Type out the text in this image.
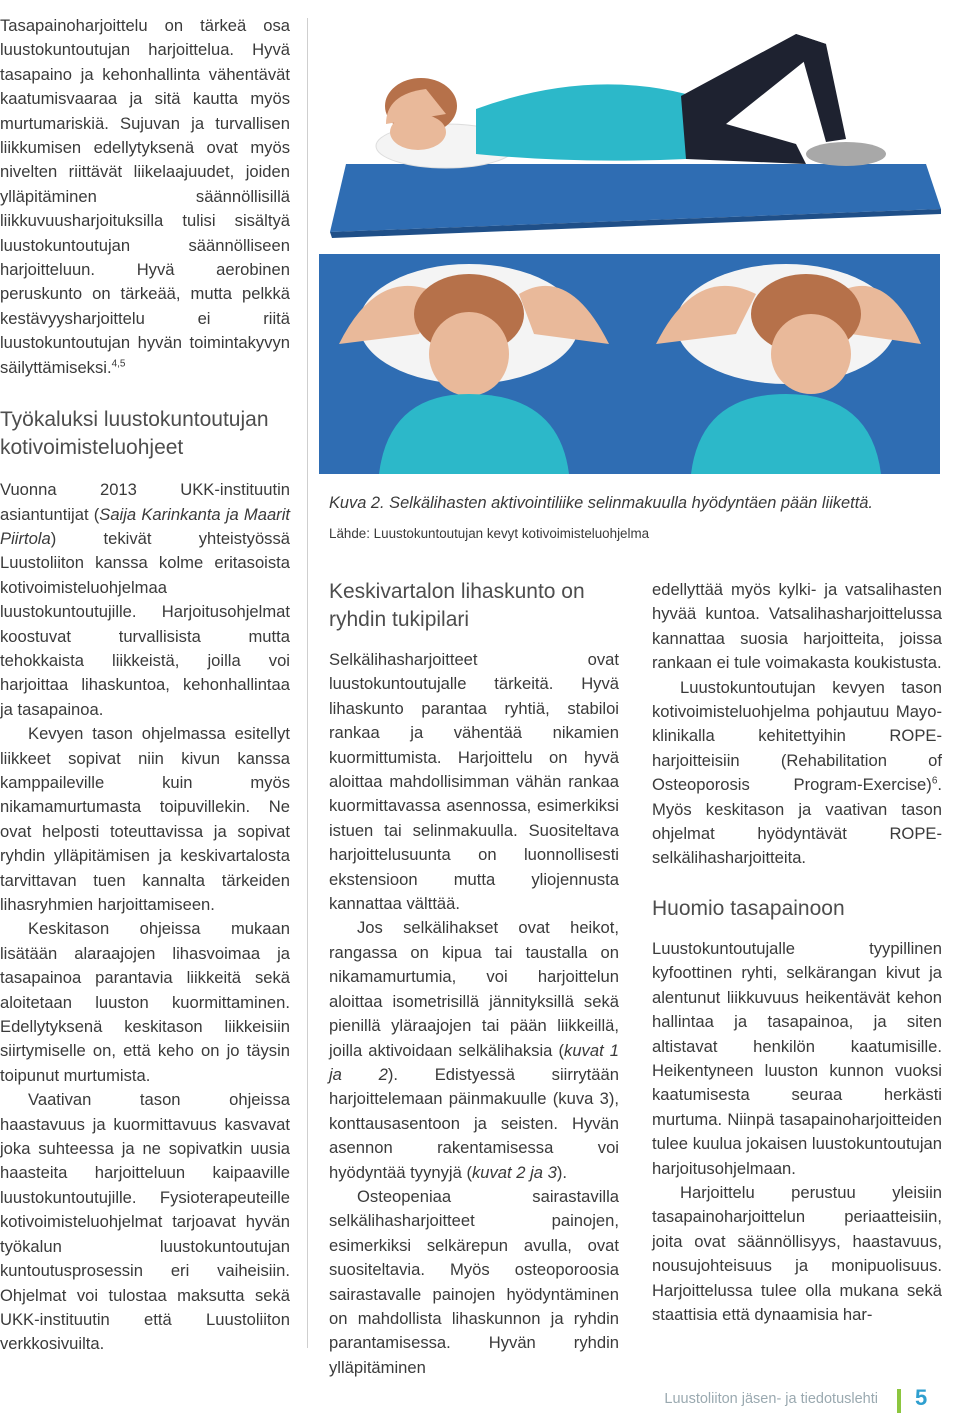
Tasapainoharjoittelu on tärkeä osa luustokuntoutujan harjoittelua. Hyvä tasapaino ja kehonhallinta vähentävät kaatumisvaaraa ja sitä kautta myös murtumariskiä. Sujuvan ja turvallisen liikkumisen edellytyksenä ovat myös nivelten riittävät liikelaajuudet, joiden ylläpitäminen säännöllisillä liikkuvuusharjoituksilla tulisi sisältyä luustokuntoutujan säännölliseen harjoitteluun. Hyvä aerobinen peruskunto on tärkeää, mutta pelkkä kestävyysharjoittelu ei riitä luustokuntoutujan hyvän toimintakyvyn säilyttämiseksi.$^{4,5}$

Työkaluksi luustokuntoutujan kotivoimisteluohjeet

Vuonna 2013 UKK-instituutin asiantuntijat (Saija Karinkanta ja Maarit Piirtola) tekivät yhteistyössä Luustoliiton kanssa kolme eritasoista kotivoimisteluohjelmaa luustokuntoutujille. Harjoitusohjelmat koostuvat turvallisista mutta tehokkaista liikkeistä, joilla voi harjoittaa lihaskuntoa, kehonhallintaa ja tasapainoa.

Kevyen tason ohjelmassa esitellyt liikkeet sopivat niin kivun kanssa kamppaileville kuin myös nikamamurtumasta toipuvillekin. Ne ovat helposti toteuttavissa ja sopivat ryhdin ylläpitämisen ja keskivartalosta tarvittavan tuen kannalta tärkeiden lihasryhmien harjoittamiseen.

Keskitason ohjeissa mukaan lisätään alaraajojen lihasvoimaa ja tasapainoa parantavia liikkeitä sekä aloitetaan luuston kuormittaminen. Edellytyksenä keskitason liikkeisiin siirtymiselle on, että keho on jo täysin toipunut murtumista.

Vaativan tason ohjeissa haastavuus ja kuormittavuus kasvavat joka suhteessa ja ne sopivatkin uusia haasteita harjoitteluun kaipaaville luustokuntoutujille. Fysioterapeuteille kotivoimisteluohjelmat tarjoavat hyvän työkalun luustokuntoutujan kuntoutusprosessin eri vaiheisiin. Ohjelmat voi tulostaa maksutta sekä UKK-instituutin että Luustoliiton verkkosivuilta.

Kuva 2. Selkälihasten aktivointiliike selinmakuulla hyödyntäen pään liikettä.
Lähde: Luustokuntoutujan kevyt kotivoimisteluohjelma
Keskivartalon lihaskunto on ryhdin tukipilari

Selkälihasharjoitteet ovat luustokuntoutujalle tärkeitä. Hyvä lihaskunto parantaa ryhtiä, stabiloi rankaa ja vähentää nikamien kuormittumista. Harjoittelu on hyvä aloittaa mahdollisimman vähän rankaa kuormittavassa asennossa, esimerkiksi istuen tai selinmakuulla. Suositeltava harjoittelusuunta on luonnollisesti ekstensioon mutta yliojennusta kannattaa välttää.

Jos selkälihakset ovat heikot, rangassa on kipua tai taustalla on nikamamurtumia, voi harjoittelun aloittaa isometrisillä jännityksillä sekä pienillä yläraajojen tai pään liikkeillä, joilla aktivoidaan selkälihaksia (kuvat 1 ja 2). Edistyessä siirrytään harjoittelemaan päinmakuulle (kuva 3), konttausasentoon ja seisten. Hyvän asennon rakentamisessa voi hyödyntää tyynyjä (kuvat 2 ja 3).

Osteopeniaa sairastavilla selkälihasharjoitteet painojen, esimerkiksi selkärepun avulla, ovat suositeltavia. Myös osteoporoosia sairastavalle painojen hyödyntäminen on mahdollista lihaskunnon ja ryhdin parantamisessa. Hyvän ryhdin ylläpitäminen

edellyttää myös kylki- ja vatsalihasten hyvää kuntoa. Vatsalihasharjoittelussa kannattaa suosia harjoitteita, joissa rankaan ei tule voimakasta koukistusta.

Luustokuntoutujan kevyen tason kotivoimisteluohjelma pohjautuu Mayo-klinikalla kehitettyihin ROPE-harjoitteisiin (Rehabilitation of Osteoporosis Program-Exercise)$^6$. Myös keskitason ja vaativan tason ohjelmat hyödyntävät ROPE-selkälihasharjoitteita.

Huomio tasapainoon

Luustokuntoutujalle tyypillinen kyfoottinen ryhti, selkärangan kivut ja alentunut liikkuvuus heikentävät kehon hallintaa ja tasapainoa, ja siten altistavat henkilön kaatumisille. Heikentyneen luuston kunnon vuoksi kaatumisesta seuraa herkästi murtuma. Niinpä tasapainoharjoitteiden tulee kuulua jokaisen luustokuntoutujan harjoitusohjelmaan.

Harjoittelu perustuu yleisiin tasapainoharjoittelun periaatteisiin, joita ovat säännöllisyys, haastavuus, nousujohteisuus ja monipuolisuus. Harjoittelussa tulee olla mukana sekä staattisia että dynaamisia har-

Luustoliiton jäsen- ja tiedotuslehti 5
